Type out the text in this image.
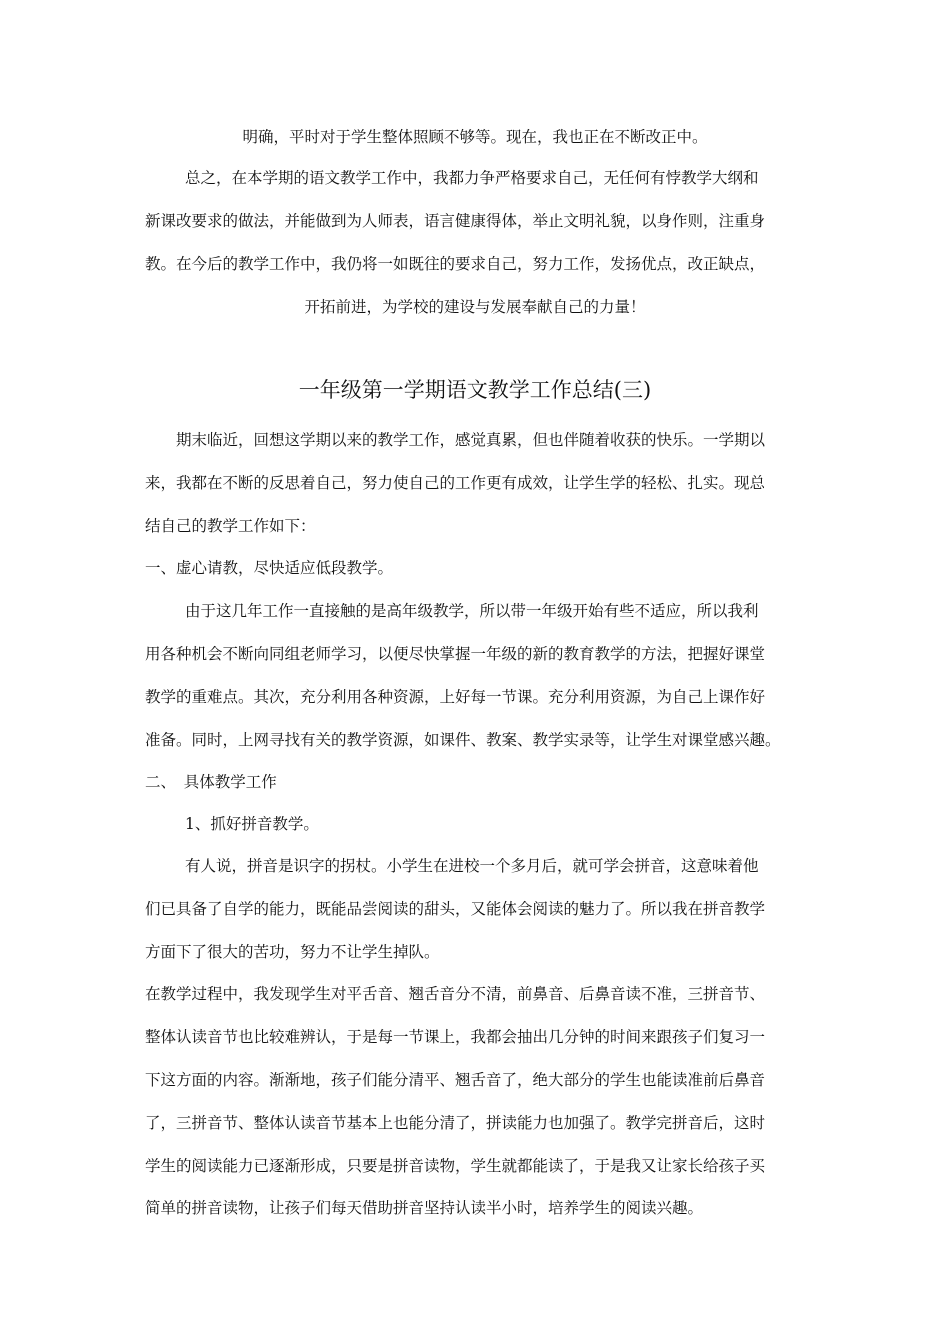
明确，平时对于学生整体照顾不够等。现在，我也正在不断改正中。
总之，在本学期的语文教学工作中，我都力争严格要求自己，无任何有悖教学大纲和
新课改要求的做法，并能做到为人师表，语言健康得体，举止文明礼貌，以身作则，注重身
教。在今后的教学工作中，我仍将一如既往的要求自己，努力工作，发扬优点，改正缺点，
开拓前进，为学校的建设与发展奉献自己的力量！
一年级第一学期语文教学工作总结(三)
期末临近，回想这学期以来的教学工作，感觉真累，但也伴随着收获的快乐。一学期以
来，我都在不断的反思着自己，努力使自己的工作更有成效，让学生学的轻松、扎实。现总
结自己的教学工作如下：
一、虚心请教，尽快适应低段教学。
由于这几年工作一直接触的是高年级教学，所以带一年级开始有些不适应，所以我利
用各种机会不断向同组老师学习，以便尽快掌握一年级的新的教育教学的方法，把握好课堂
教学的重难点。其次，充分利用各种资源，上好每一节课。充分利用资源，为自己上课作好
准备。同时，上网寻找有关的教学资源，如课件、教案、教学实录等，让学生对课堂感兴趣。
二、　具体教学工作
1、抓好拼音教学。
有人说，拼音是识字的拐杖。小学生在进校一个多月后，就可学会拼音，这意味着他
们已具备了自学的能力，既能品尝阅读的甜头，又能体会阅读的魅力了。所以我在拼音教学
方面下了很大的苦功，努力不让学生掉队。
在教学过程中，我发现学生对平舌音、翘舌音分不清，前鼻音、后鼻音读不准，三拼音节、
整体认读音节也比较难辨认，于是每一节课上，我都会抽出几分钟的时间来跟孩子们复习一
下这方面的内容。渐渐地，孩子们能分清平、翘舌音了，绝大部分的学生也能读准前后鼻音
了，三拼音节、整体认读音节基本上也能分清了，拼读能力也加强了。教学完拼音后，这时
学生的阅读能力已逐渐形成，只要是拼音读物，学生就都能读了，于是我又让家长给孩子买
简单的拼音读物，让孩子们每天借助拼音坚持认读半小时，培养学生的阅读兴趣。
